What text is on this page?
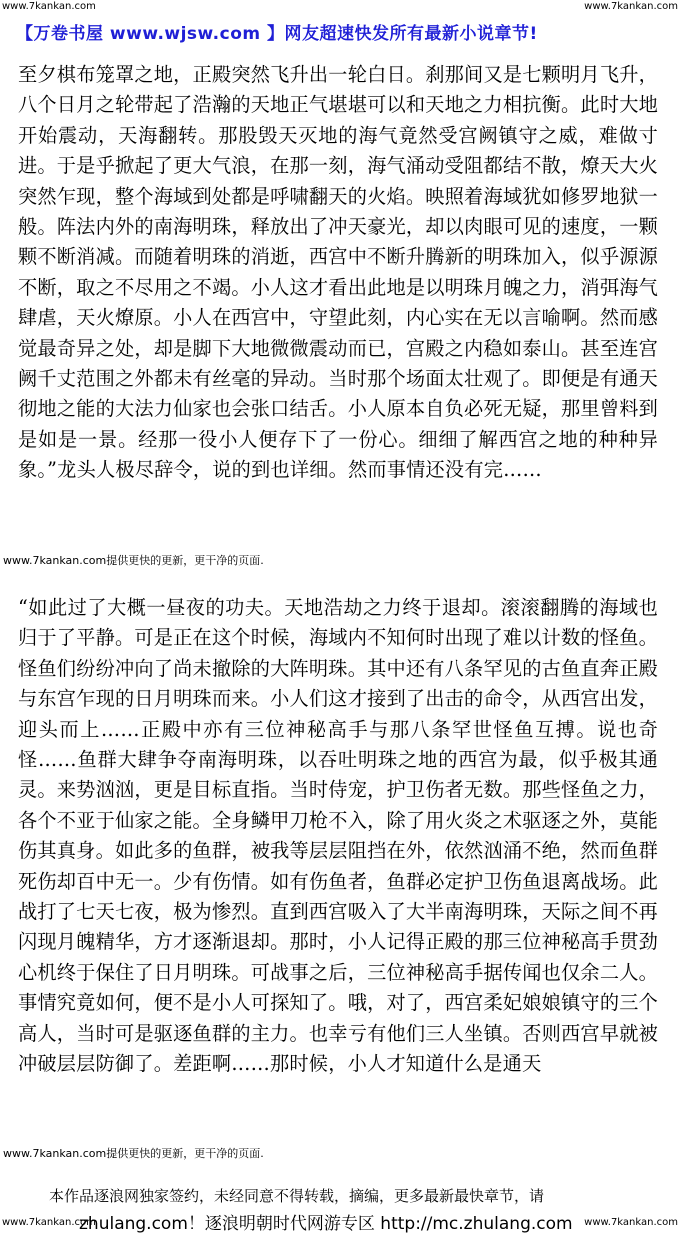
www.7kankan.com	www.7kankan.com
【万卷书屋 www.wjsw.com 】网友超速快发所有最新小说章节!

至夕棋布笼罩之地，正殿突然飞升出一轮白日。刹那间又是七颗明月飞升，八个日月之轮带起了浩瀚的天地正气堪堪可以和天地之力相抗衡。此时大地开始震动，天海翻转。那股毁天灭地的海气竟然受宫阙镇守之威，难做寸进。于是乎掀起了更大气浪，在那一刻，海气涌动受阻都结不散，燎天大火突然乍现，整个海域到处都是呼啸翻天的火焰。映照着海域犹如修罗地狱一般。阵法内外的南海明珠，释放出了冲天豪光，却以肉眼可见的速度，一颗颗不断消减。而随着明珠的消逝，西宫中不断升腾新的明珠加入，似乎源源不断，取之不尽用之不竭。小人这才看出此地是以明珠月魄之力，消弭海气肆虐，天火燎原。小人在西宫中，守望此刻，内心实在无以言喻啊。然而感觉最奇异之处，却是脚下大地微微震动而已，宫殿之内稳如泰山。甚至连宫阙千丈范围之外都未有丝毫的异动。当时那个场面太壮观了。即便是有通天彻地之能的大法力仙家也会张口结舌。小人原本自负必死无疑，那里曾料到是如是一景。经那一役小人便存下了一份心。细细了解西宫之地的种种异象。”龙头人极尽辞令，说的到也详细。然而事情还没有完……

www.7kankan.com提供更快的更新，更干净的页面.

“如此过了大概一昼夜的功夫。天地浩劫之力终于退却。滚滚翻腾的海域也归于了平静。可是正在这个时候，海域内不知何时出现了难以计数的怪鱼。怪鱼们纷纷冲向了尚未撤除的大阵明珠。其中还有八条罕见的古鱼直奔正殿与东宫乍现的日月明珠而来。小人们这才接到了出击的命令，从西宫出发，迎头而上……正殿中亦有三位神秘高手与那八条罕世怪鱼互搏。说也奇怪……鱼群大肆争夺南海明珠，以吞吐明珠之地的西宫为最，似乎极其通灵。来势汹汹，更是目标直指。当时侍宠，护卫伤者无数。那些怪鱼之力，各个不亚于仙家之能。全身鳞甲刀枪不入，除了用火炎之术驱逐之外，莫能伤其真身。如此多的鱼群，被我等层层阻挡在外，依然汹涌不绝，然而鱼群死伤却百中无一。少有伤情。如有伤鱼者，鱼群必定护卫伤鱼退离战场。此战打了七天七夜，极为惨烈。直到西宫吸入了大半南海明珠，天际之间不再闪现月魄精华，方才逐渐退却。那时，小人记得正殿的那三位神秘高手贯劲心机终于保住了日月明珠。可战事之后，三位神秘高手据传闻也仅余二人。事情究竟如何，便不是小人可探知了。哦，对了，西宫柔妃娘娘镇守的三个高人，当时可是驱逐鱼群的主力。也幸亏有他们三人坐镇。否则西宫早就被冲破层层防御了。差距啊……那时候，小人才知道什么是通天

www.7kankan.com提供更快的更新，更干净的页面.
本作品逐浪网独家签约，未经同意不得转载，摘编，更多最新最快章节，请
www.7kankan.com
zhulang.com！逐浪明朝时代网游专区 http://mc.zhulang.com www.7kankan.com
